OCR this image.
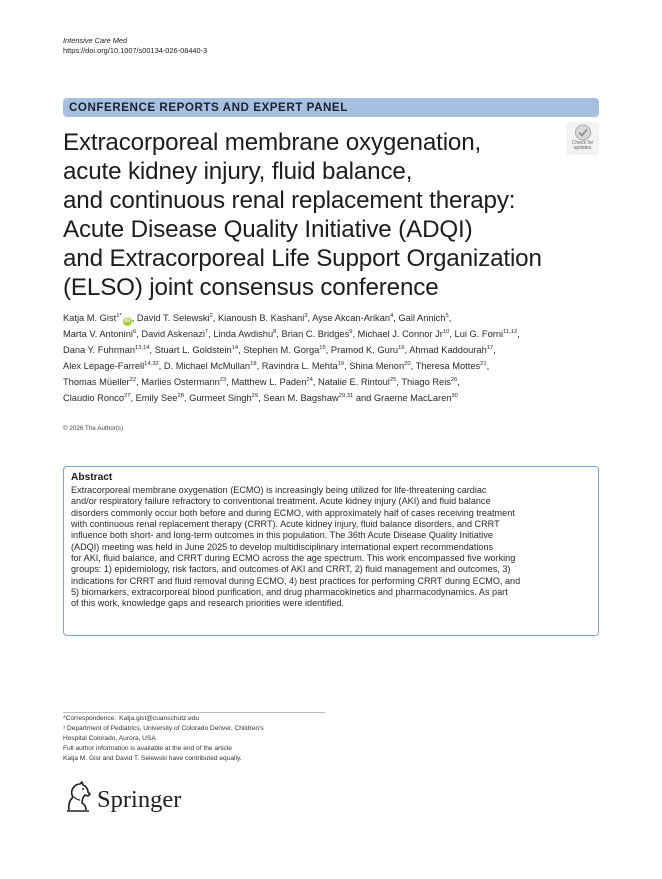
Intensive Care Med
https://doi.org/10.1007/s00134-026-08440-3
CONFERENCE REPORTS AND EXPERT PANEL
Extracorporeal membrane oxygenation,
acute kidney injury, fluid balance,
and continuous renal replacement therapy:
Acute Disease Quality Initiative (ADQI)
and Extracorporeal Life Support Organization
(ELSO) joint consensus conference
Check for
updates
Katja M. Gist$^{1*}$iD , David T. Selewski$^2$, Kianoush B. Kashani$^3$, Ayse Akcan-Arikan$^4$, Gail Annich$^5$,
Marta V. Antonini$^6$, David Askenazi$^7$, Linda Awdishu$^8$, Brian C. Bridges$^9$, Michael J. Connor Jr$^{10}$, Lui G. Forni$^{11,12}$,
Dana Y. Fuhrman$^{13,14}$, Stuart L. Goldstein$^{14}$, Stephen M. Gorga$^{15}$, Pramod K. Guru$^{16}$, Ahmad Kaddourah$^{17}$,
Alex Lepage-Farrell$^{14,32}$, D. Michael McMullan$^{18}$, Ravindra L. Mehta$^{19}$, Shina Menon$^{20}$, Theresa Mottes$^{21}$,
Thomas Müeller$^{22}$, Marlies Ostermann$^{23}$, Matthew L. Paden$^{24}$, Natalie E. Rintoul$^{25}$, Thiago Reis$^{26}$,
Claudio Ronco$^{27}$, Emily See$^{28}$, Gurmeet Singh$^{29}$, Sean M. Bagshaw$^{29,31}$ and Graeme MacLaren$^{30}$
© 2026 The Author(s)
Abstract
Extracorporeal membrane oxygenation (ECMO) is increasingly being utilized for life-threatening cardiac
and/or respiratory failure refractory to conventional treatment. Acute kidney injury (AKI) and fluid balance
disorders commonly occur both before and during ECMO, with approximately half of cases receiving treatment
with continuous renal replacement therapy (CRRT). Acute kidney injury, fluid balance disorders, and CRRT
influence both short- and long-term outcomes in this population. The 36th Acute Disease Quality Initiative
(ADQI) meeting was held in June 2025 to develop multidisciplinary international expert recommendations
for AKI, fluid balance, and CRRT during ECMO across the age spectrum. This work encompassed five working
groups: 1) epidemiology, risk factors, and outcomes of AKI and CRRT, 2) fluid management and outcomes, 3)
indications for CRRT and fluid removal during ECMO, 4) best practices for performing CRRT during ECMO, and
5) biomarkers, extracorporeal blood purification, and drug pharmacokinetics and pharmacodynamics. As part
of this work, knowledge gaps and research priorities were identified.
*Correspondence: Katja.gist@cuanschutz.edu
¹ Department of Pediatrics, University of Colorado Denver, Children's
Hospital Colorado, Aurora, USA
Full author information is available at the end of the article
Katja M. Gist and David T. Selewski have contributed equally.
Springer
